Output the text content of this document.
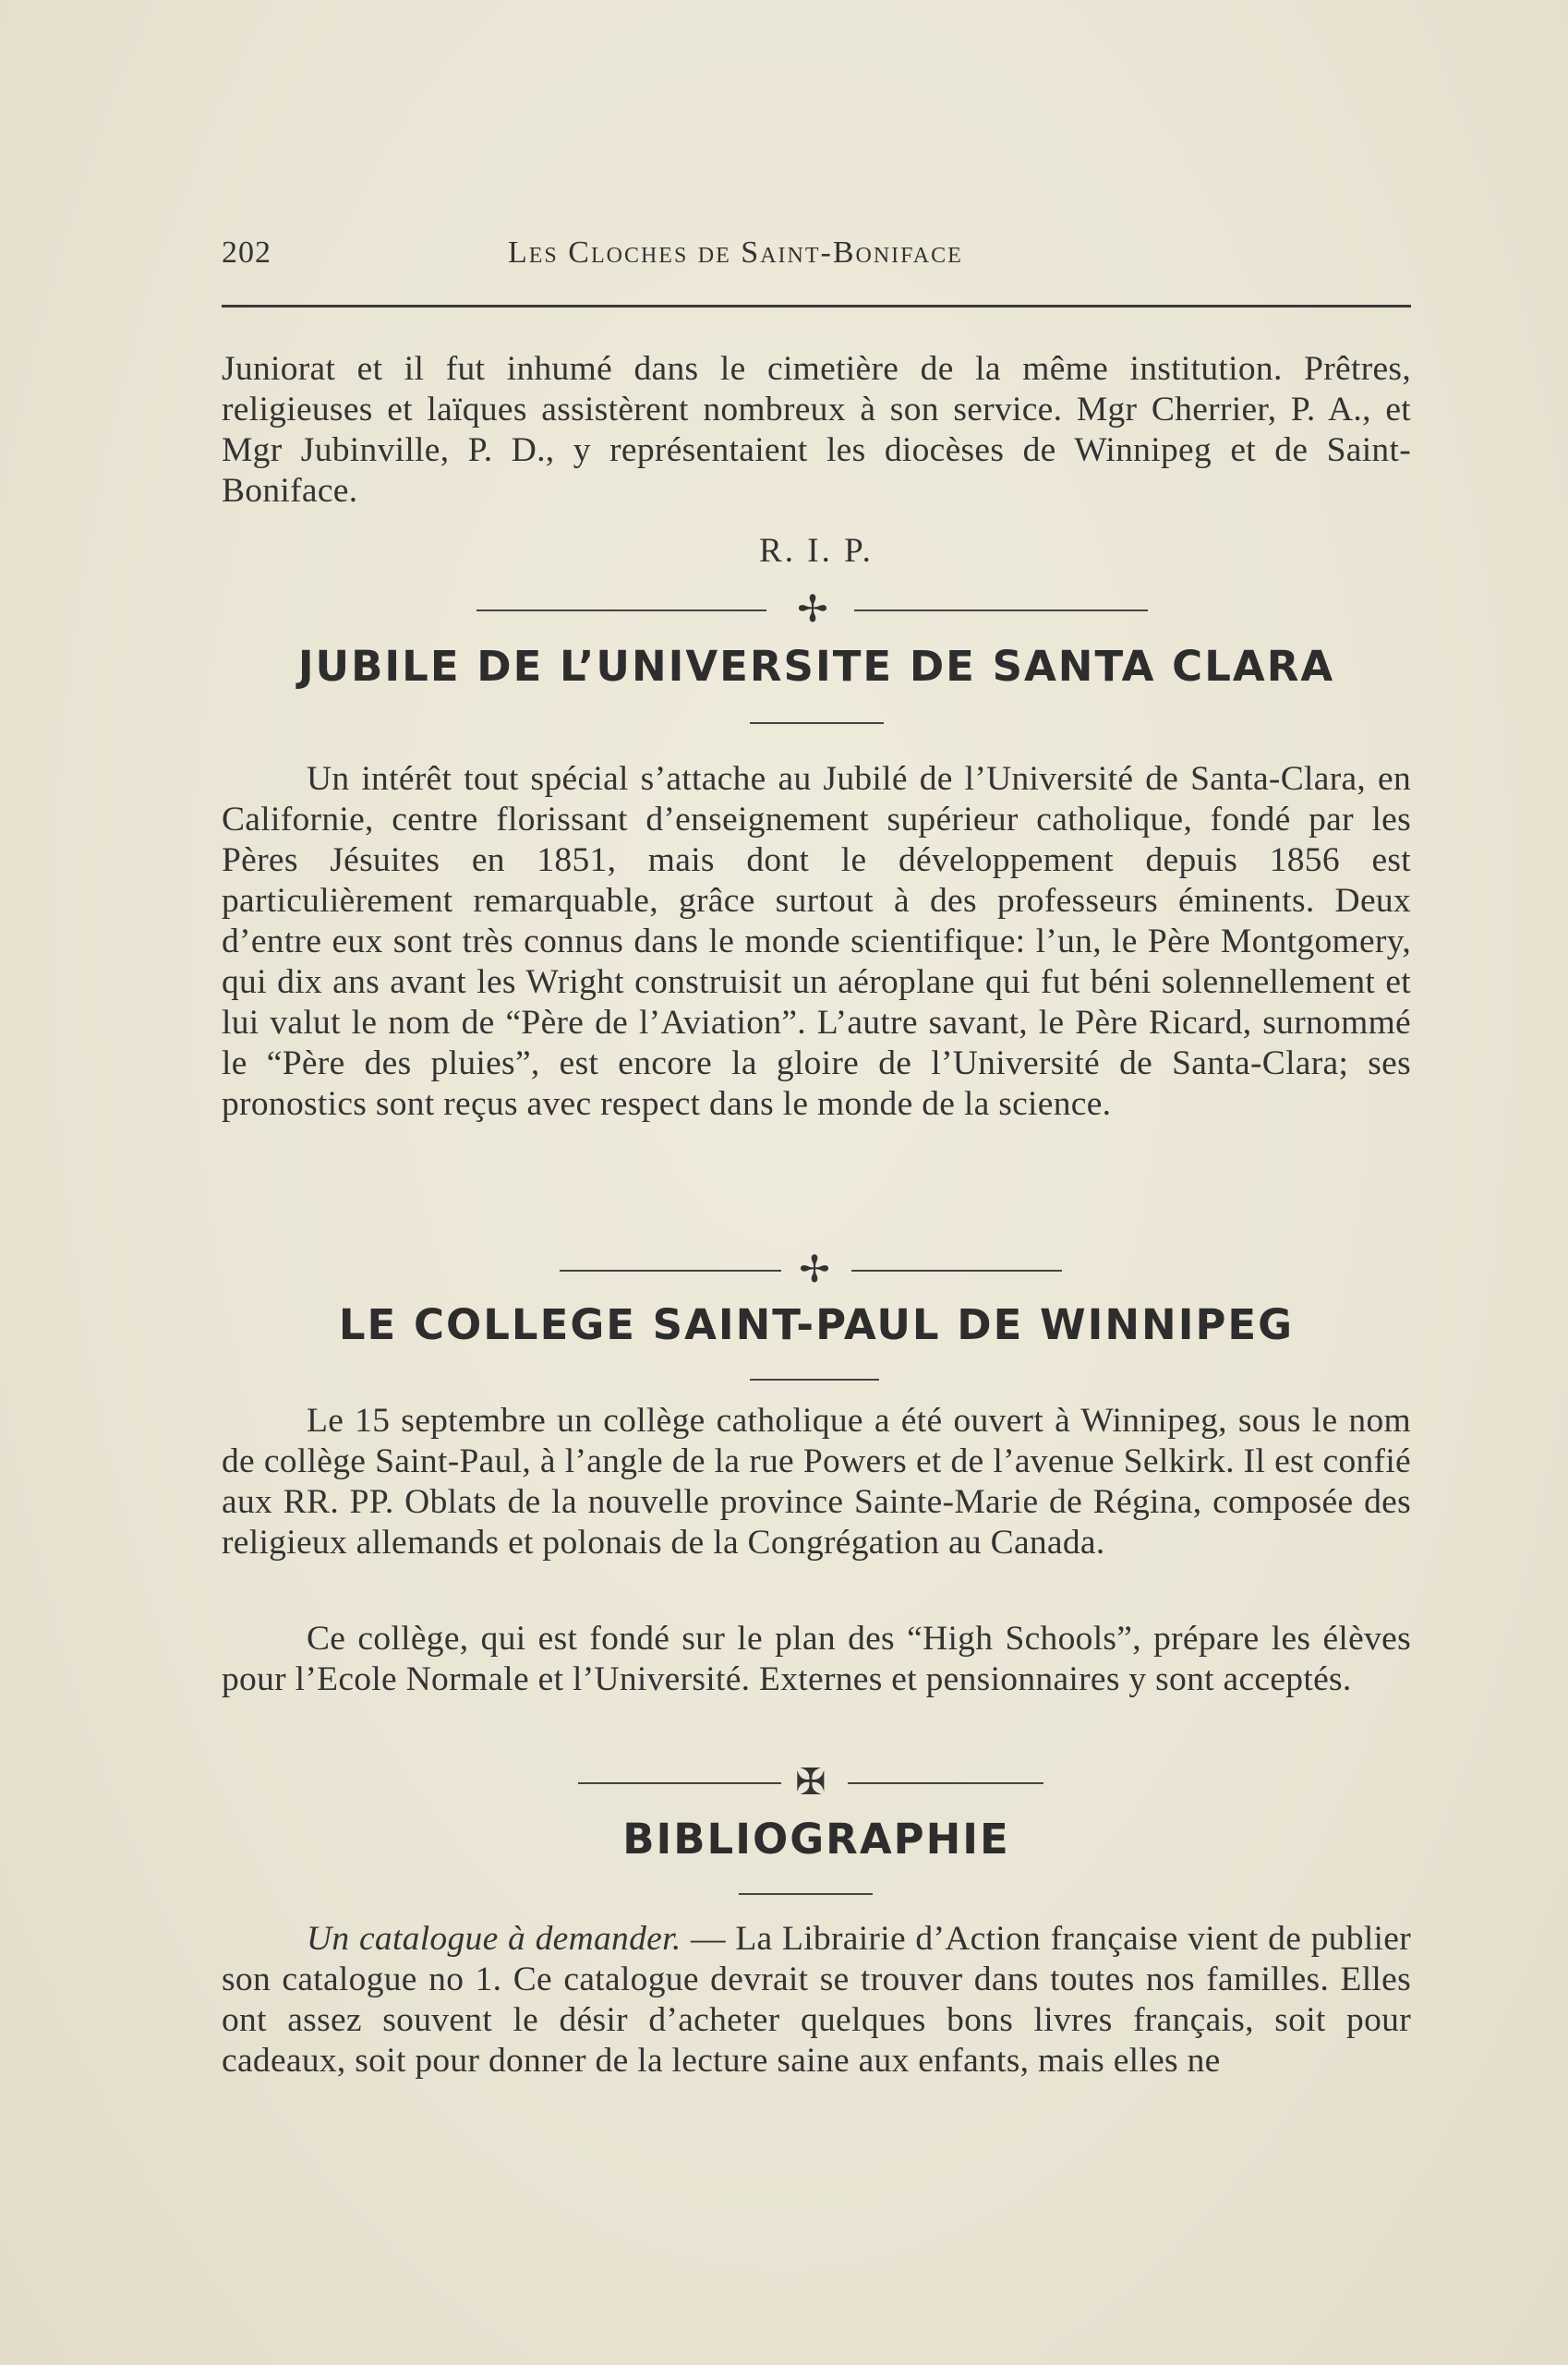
202	Les Cloches de Saint-Boniface
Juniorat et il fut inhumé dans le cimetière de la même institution. Prêtres, religieuses et laïques assistèrent nombreux à son service. Mgr Cherrier, P. A., et Mgr Jubinville, P. D., y représentaient les diocèses de Winnipeg et de Saint-Boniface.
R. I. P.
✢
JUBILE DE L’UNIVERSITE DE SANTA CLARA
Un intérêt tout spécial s’attache au Jubilé de l’Université de Santa-Clara, en Californie, centre florissant d’enseignement supérieur catholique, fondé par les Pères Jésuites en 1851, mais dont le développement depuis 1856 est particulièrement remarquable, grâce surtout à des professeurs éminents. Deux d’entre eux sont très connus dans le monde scientifique: l’un, le Père Montgomery, qui dix ans avant les Wright construisit un aéroplane qui fut béni solennellement et lui valut le nom de “Père de l’Aviation”. L’autre savant, le Père Ricard, surnommé le “Père des pluies”, est encore la gloire de l’Université de Santa-Clara; ses pronostics sont reçus avec respect dans le monde de la science.
✢
LE COLLEGE SAINT-PAUL DE WINNIPEG
Le 15 septembre un collège catholique a été ouvert à Winnipeg, sous le nom de collège Saint-Paul, à l’angle de la rue Powers et de l’avenue Selkirk. Il est confié aux RR. PP. Oblats de la nouvelle province Sainte-Marie de Régina, composée des religieux allemands et polonais de la Congrégation au Canada.
Ce collège, qui est fondé sur le plan des “High Schools”, prépare les élèves pour l’Ecole Normale et l’Université. Externes et pensionnaires y sont acceptés.
✠
BIBLIOGRAPHIE
Un catalogue à demander. — La Librairie d’Action française vient de publier son catalogue no 1. Ce catalogue devrait se trouver dans toutes nos familles. Elles ont assez souvent le désir d’acheter quelques bons livres français, soit pour cadeaux, soit pour donner de la lecture saine aux enfants, mais elles ne
